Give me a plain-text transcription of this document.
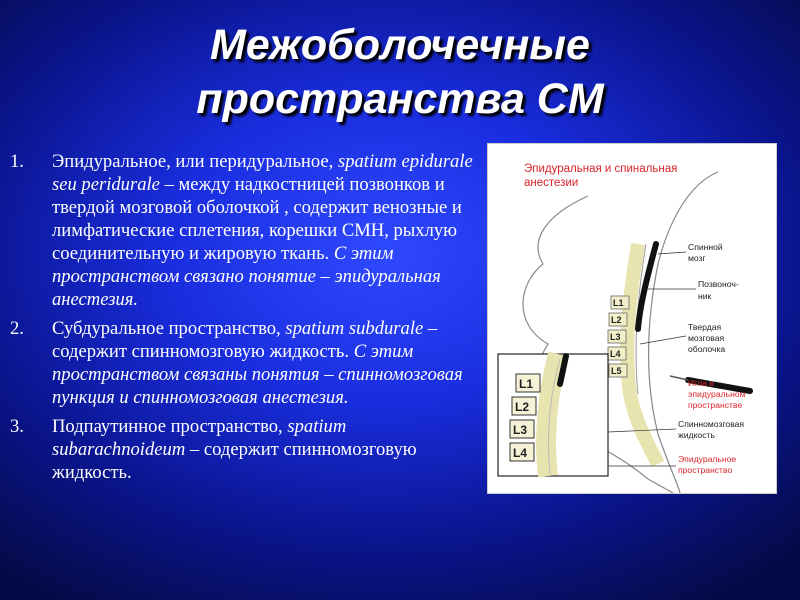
Межоболочечные
пространства СМ
1. Эпидуральное, или перидуральное, spatium epidurale seu peridurale – между надкостницей позвонков и твердой мозговой оболочкой , содержит венозные и лимфатические сплетения, корешки СМН, рыхлую соединительную и жировую ткань. С этим пространством связано понятие – эпидуральная анестезия.
2. Субдуральное пространство, spatium subdurale – содержит спинномозговую жидкость. С этим пространством связаны понятия – спинномозговая пункция и спинномозговая анестезия.
3. Подпаутинное пространство, spatium subarachnoideum – содержит спинномозговую жидкость.
Эпидуральная и спинальная
анестезии
L1
L2
L3
L4
L5
L1
L2
L3
L4
Спинной
мозг
Позвоноч-
ник
Твердая
мозговая
оболочка
Игла в
эпидуральном
пространстве
Спинномозговая
жидкость
Эпидуральное
пространство
